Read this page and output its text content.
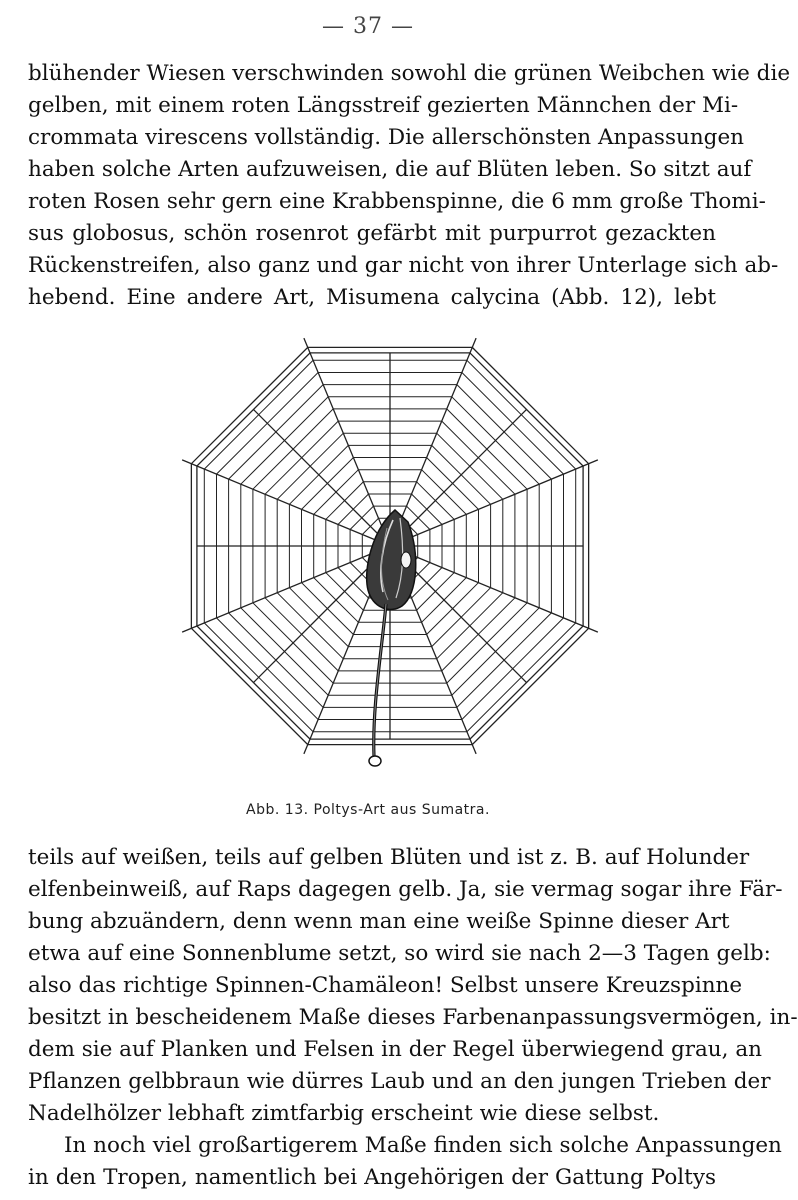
— 37 —
blühender Wiesen verschwinden sowohl die grünen Weibchen wie die
gelben, mit einem roten Längsstreif gezierten Männchen der Mi-
crommata virescens vollständig. Die allerschönsten Anpassungen
haben solche Arten aufzuweisen, die auf Blüten leben. So sitzt auf
roten Rosen sehr gern eine Krabbenspinne, die 6 mm große Thomi-
sus globosus, schön rosenrot gefärbt mit purpurrot gezackten
Rückenstreifen, also ganz und gar nicht von ihrer Unterlage sich ab-
hebend. Eine andere Art, Misumena calycina (Abb. 12), lebt
Abb. 13. Poltys-Art aus Sumatra.
teils auf weißen, teils auf gelben Blüten und ist z. B. auf Holunder
elfenbeinweiß, auf Raps dagegen gelb. Ja, sie vermag sogar ihre Fär-
bung abzuändern, denn wenn man eine weiße Spinne dieser Art
etwa auf eine Sonnenblume setzt, so wird sie nach 2—3 Tagen gelb:
also das richtige Spinnen-Chamäleon! Selbst unsere Kreuzspinne
besitzt in bescheidenem Maße dieses Farbenanpassungsvermögen, in-
dem sie auf Planken und Felsen in der Regel überwiegend grau, an
Pflanzen gelbbraun wie dürres Laub und an den jungen Trieben der
Nadelhölzer lebhaft zimtfarbig erscheint wie diese selbst.
In noch viel großartigerem Maße finden sich solche Anpassungen
in den Tropen, namentlich bei Angehörigen der Gattung Poltys
